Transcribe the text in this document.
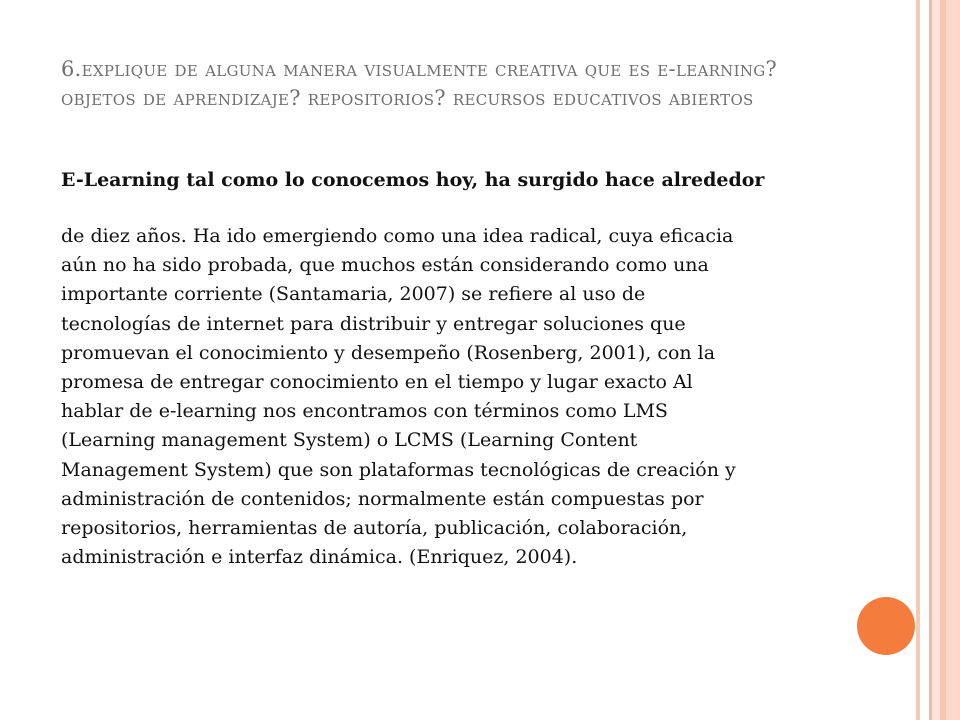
6.explique de alguna manera visualmente creativa que es e-learning? objetos de aprendizaje? repositorios? recursos educativos abiertos
E-Learning tal como lo conocemos hoy, ha surgido hace alrededor
de diez años. Ha ido emergiendo como una idea radical, cuya eficacia
aún no ha sido probada, que muchos están considerando como una
importante corriente (Santamaria, 2007) se refiere al uso de
tecnologías de internet para distribuir y entregar soluciones que
promuevan el conocimiento y desempeño (Rosenberg, 2001), con la
promesa de entregar conocimiento en el tiempo y lugar exacto Al
hablar de e-learning nos encontramos con términos como LMS
(Learning management System) o LCMS (Learning Content
Management System) que son plataformas tecnológicas de creación y
administración de contenidos; normalmente están compuestas por
repositorios, herramientas de autoría, publicación, colaboración,
administración e interfaz dinámica. (Enriquez, 2004).
